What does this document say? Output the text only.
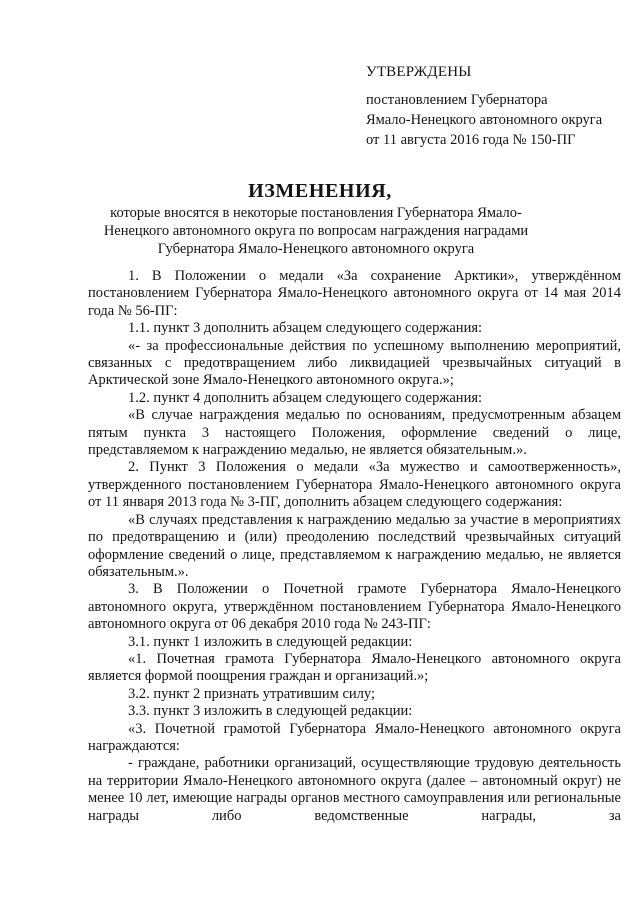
УТВЕРЖДЕНЫ
постановлением Губернатора
Ямало-Ненецкого автономного округа
от 11 августа 2016 года № 150-ПГ
ИЗМЕНЕНИЯ,
которые вносятся в некоторые постановления Губернатора Ямало-Ненецкого автономного округа по вопросам награждения наградами Губернатора Ямало-Ненецкого автономного округа

1. В Положении о медали «За сохранение Арктики», утверждённом постановлением Губернатора Ямало-Ненецкого автономного округа от 14 мая 2014 года № 56-ПГ:

1.1. пункт 3 дополнить абзацем следующего содержания:

«- за профессиональные действия по успешному выполнению мероприятий, связанных с предотвращением либо ликвидацией чрезвычайных ситуаций в Арктической зоне Ямало-Ненецкого автономного округа.»;

1.2. пункт 4 дополнить абзацем следующего содержания:

«В случае награждения медалью по основаниям, предусмотренным абзацем пятым пункта 3 настоящего Положения, оформление сведений о лице, представляемом к награждению медалью, не является обязательным.».

2. Пункт 3 Положения о медали «За мужество и самоотверженность», утвержденного постановлением Губернатора Ямало-Ненецкого автономного округа от 11 января 2013 года № 3-ПГ, дополнить абзацем следующего содержания:

«В случаях представления к награждению медалью за участие в мероприятиях по предотвращению и (или) преодолению последствий чрезвычайных ситуаций оформление сведений о лице, представляемом к награждению медалью, не является обязательным.».

3. В Положении о Почетной грамоте Губернатора Ямало-Ненецкого автономного округа, утверждённом постановлением Губернатора Ямало-Ненецкого автономного округа от 06 декабря 2010 года № 243-ПГ:

3.1. пункт 1 изложить в следующей редакции:

«1. Почетная грамота Губернатора Ямало-Ненецкого автономного округа является формой поощрения граждан и организаций.»;

3.2. пункт 2 признать утратившим силу;

3.3. пункт 3 изложить в следующей редакции:

«3. Почетной грамотой Губернатора Ямало-Ненецкого автономного округа награждаются:

- граждане, работники организаций, осуществляющие трудовую деятельность на территории Ямало-Ненецкого автономного округа (далее – автономный округ) не менее 10 лет, имеющие награды органов местного самоуправления или региональные награды либо ведомственные награды, за
